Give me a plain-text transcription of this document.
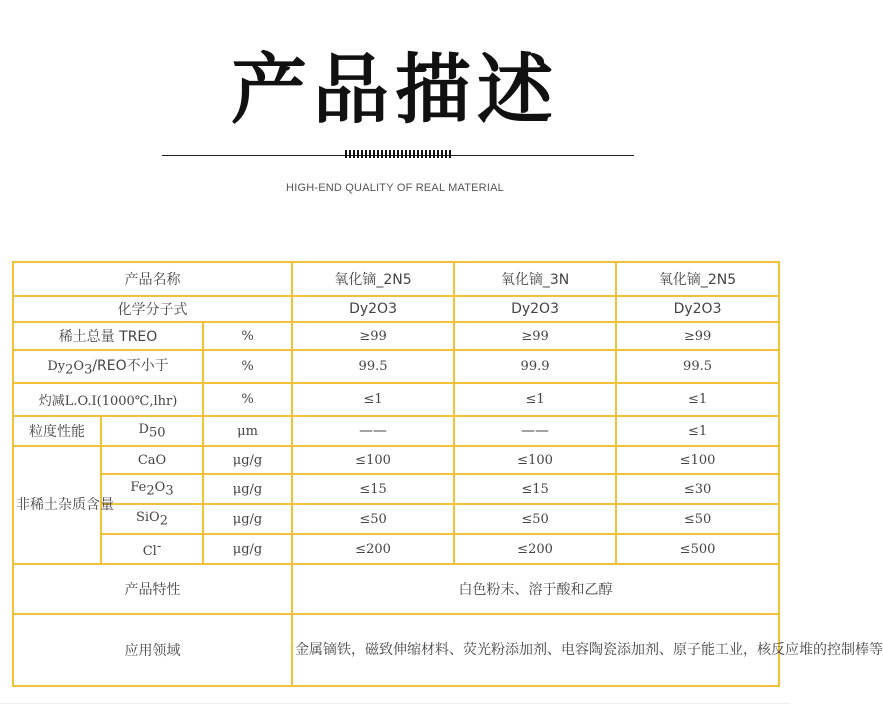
产品描述
HIGH-END QUALITY OF REAL MATERIAL
产品名称			氧化镝_2N5	氧化镝_3N	氧化镝_2N5
化学分子式			Dy2O3	Dy2O3	Dy2O3
稀土总量 TREO		%	≥99	≥99	≥99
$Dy_2O_3$/REO不小于		%	99.5	99.9	99.5
灼减L.O.I(1000℃,lhr)		%	≤1	≤1	≤1
粒度性能	$D_{50}$	μm	——	——	≤1
非稀土杂质含量	CaO	μg/g	≤100	≤100	≤100
	$Fe_2O_3$	μg/g	≤15	≤15	≤30
	SiO$_2$	μg/g	≤50	≤50	≤50
	Cl-	μg/g	≤200	≤200	≤500
产品特性			白色粉末、溶于酸和乙醇		
应用领域			金属镝铁，磁致伸缩材料、荧光粉添加剂、电容陶瓷添加剂、原子能工业，核反应堆的控制棒等		
